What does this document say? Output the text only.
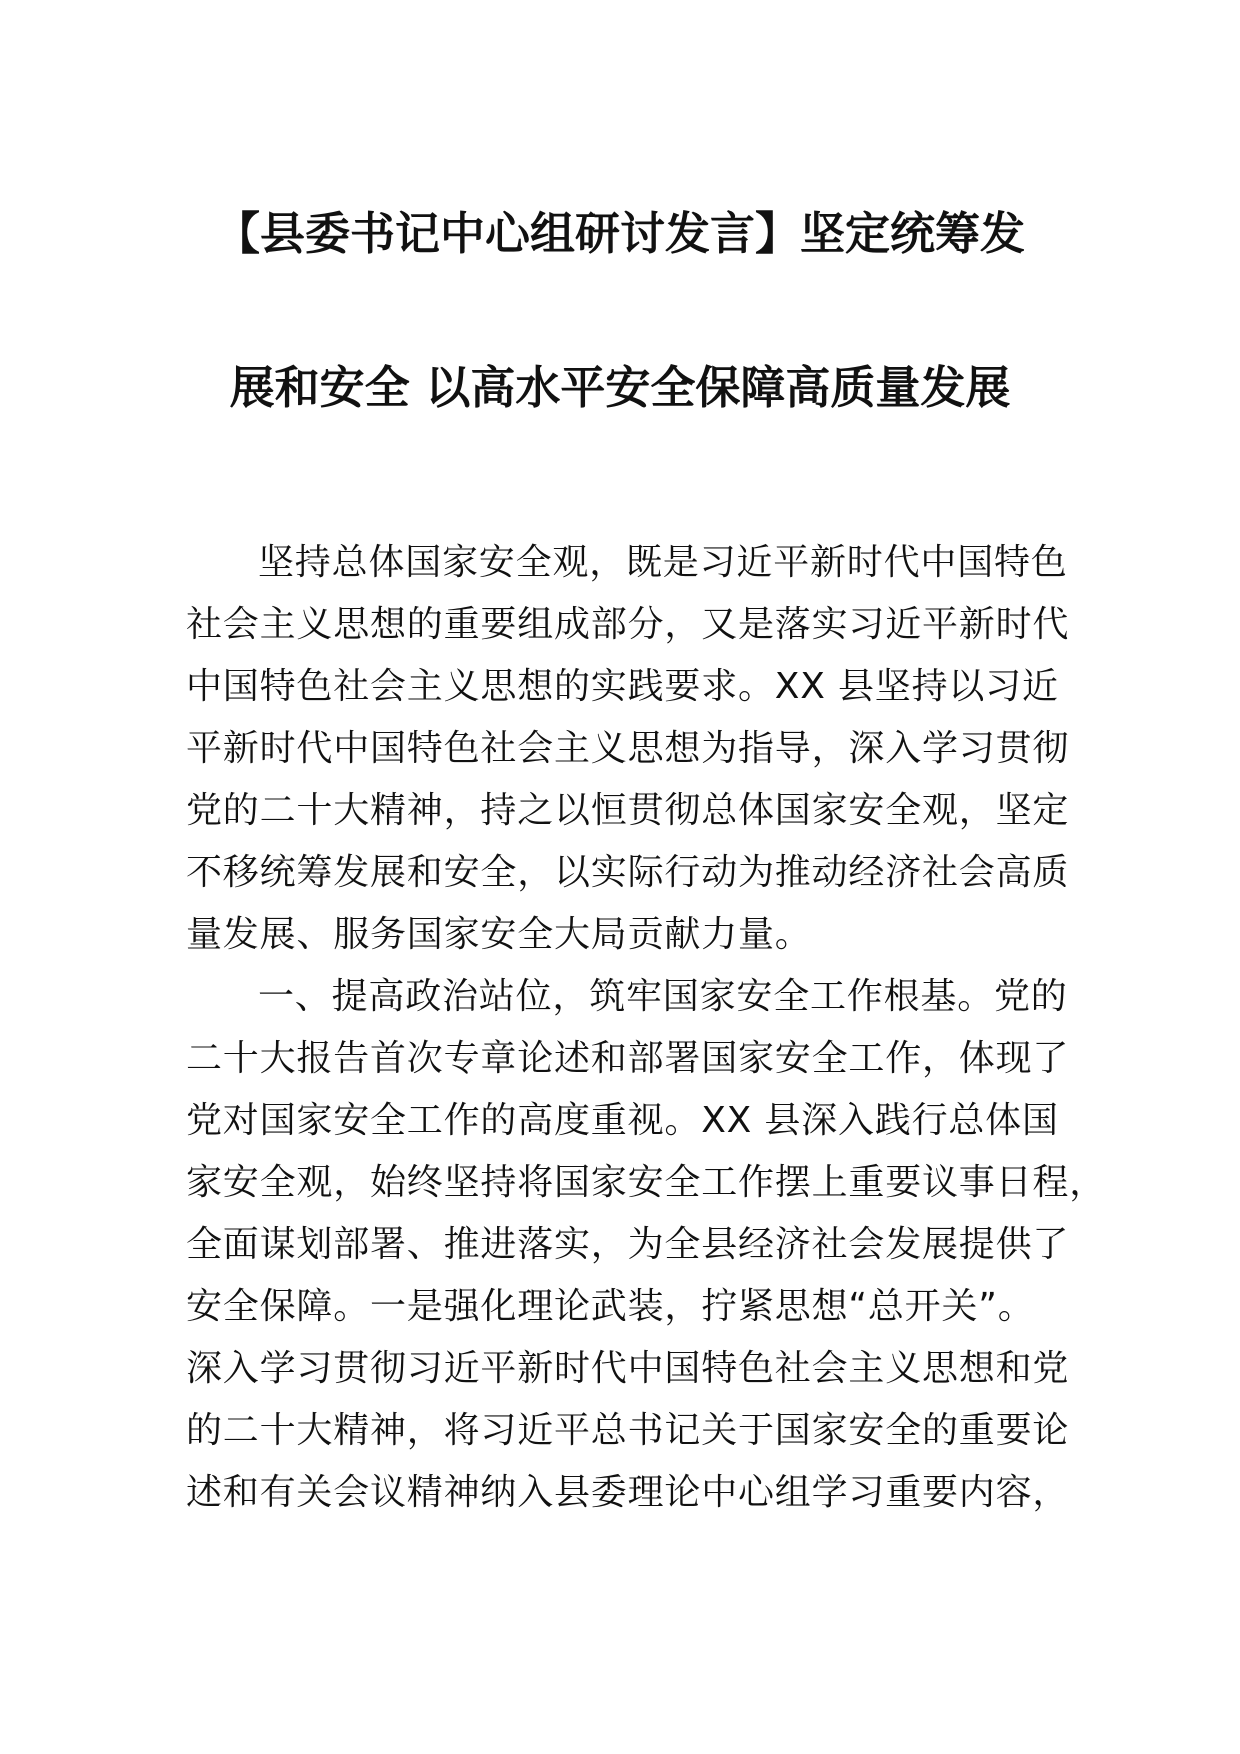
【县委书记中心组研讨发言】坚定统筹发
展和安全 以高水平安全保障高质量发展
坚持总体国家安全观，既是习近平新时代中国特色
社会主义思想的重要组成部分，又是落实习近平新时代
中国特色社会主义思想的实践要求。XX 县坚持以习近
平新时代中国特色社会主义思想为指导，深入学习贯彻
党的二十大精神，持之以恒贯彻总体国家安全观，坚定
不移统筹发展和安全，以实际行动为推动经济社会高质
量发展、服务国家安全大局贡献力量。
一、提高政治站位，筑牢国家安全工作根基。党的
二十大报告首次专章论述和部署国家安全工作，体现了
党对国家安全工作的高度重视。XX 县深入践行总体国
家安全观，始终坚持将国家安全工作摆上重要议事日程，
全面谋划部署、推进落实，为全县经济社会发展提供了
安全保障。一是强化理论武装，拧紧思想“总开关”。
深入学习贯彻习近平新时代中国特色社会主义思想和党
的二十大精神，将习近平总书记关于国家安全的重要论
述和有关会议精神纳入县委理论中心组学习重要内容，
